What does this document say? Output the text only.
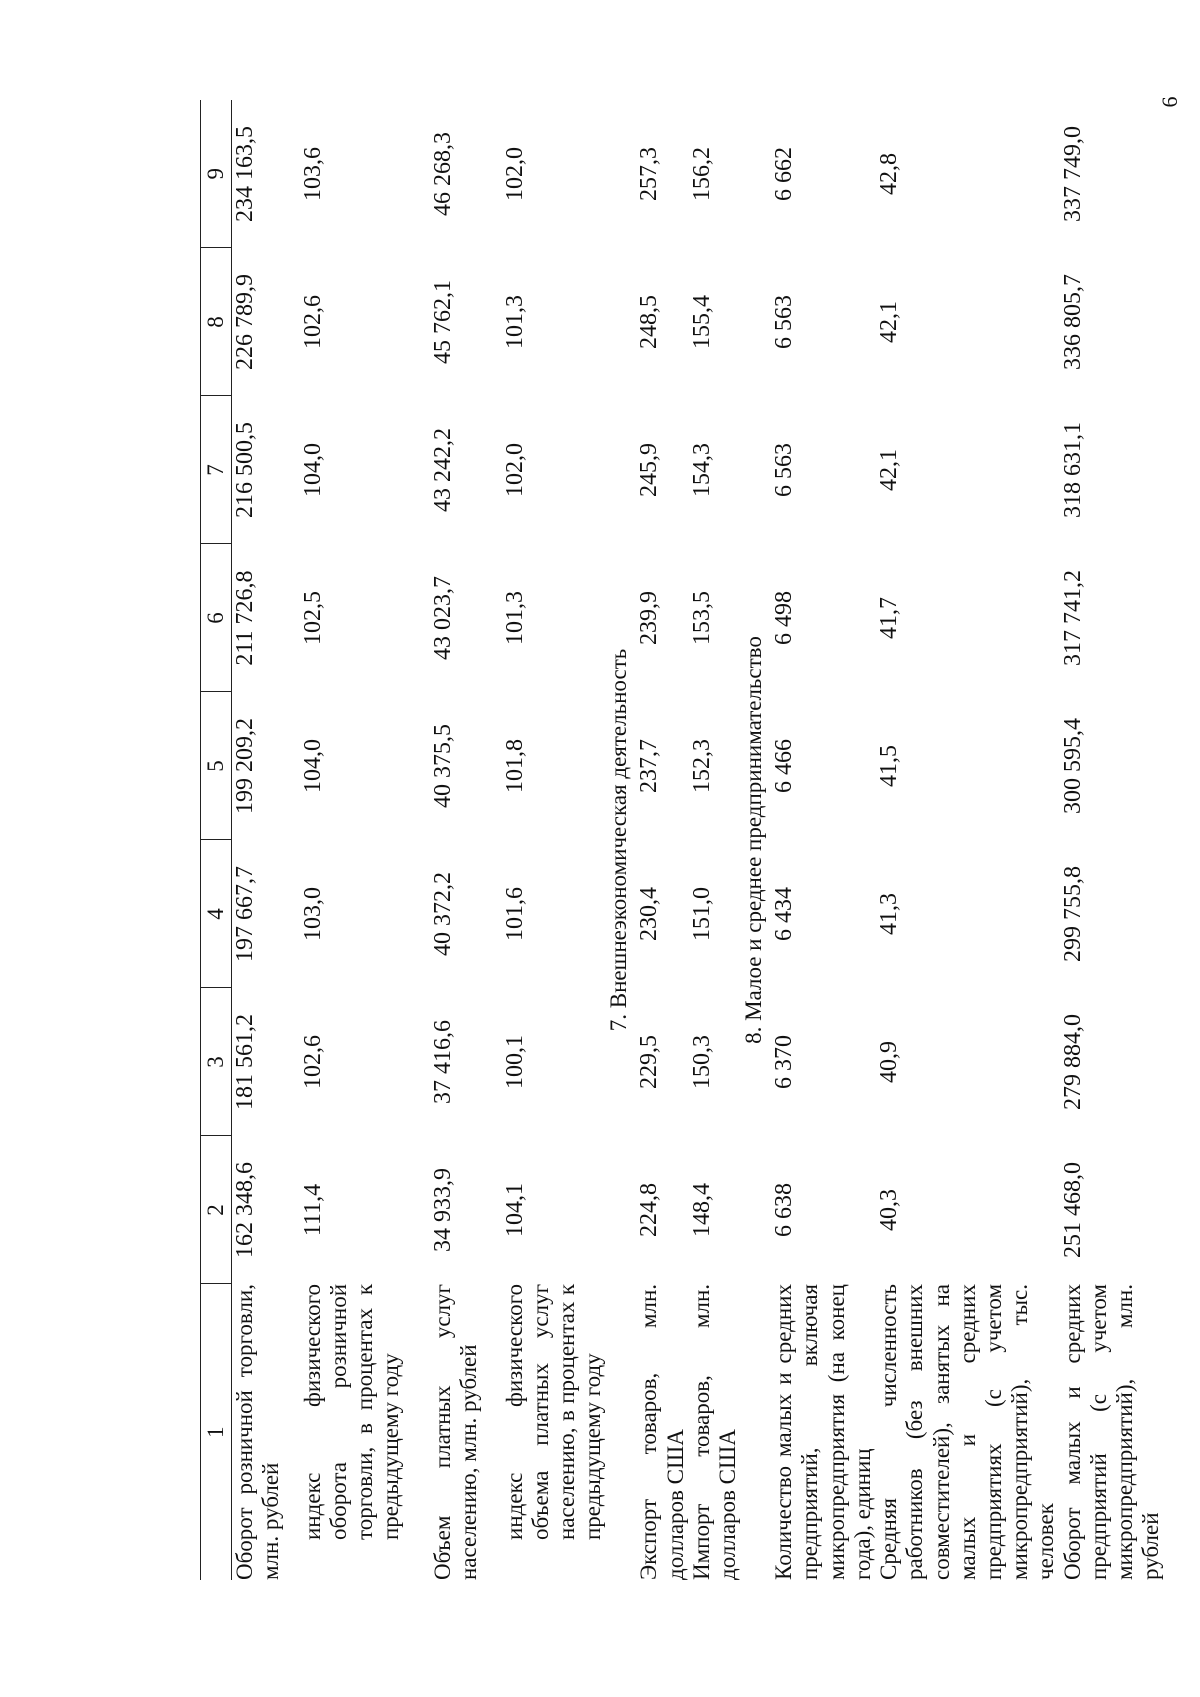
6
1	2	3	4	5	6	7	8	9
Оборот розничной торговли, млн. рублей	162 348,6	181 561,2	197 667,7	199 209,2	211 726,8	216 500,5	226 789,9	234 163,5
индекс физического оборота розничной торговли, в процентах к предыдущему году	111,4	102,6	103,0	104,0	102,5	104,0	102,6	103,6
Объем платных услуг населению, млн. рублей	34 933,9	37 416,6	40 372,2	40 375,5	43 023,7	43 242,2	45 762,1	46 268,3
индекс физического объема платных услуг населению, в процентах к предыдущему году	104,1	100,1	101,6	101,8	101,3	102,0	101,3	102,0
7. Внешнеэкономическая деятельность								
Экспорт товаров, млн. долларов США	224,8	229,5	230,4	237,7	239,9	245,9	248,5	257,3
Импорт товаров, млн. долларов США	148,4	150,3	151,0	152,3	153,5	154,3	155,4	156,2
8. Малое и среднее предпринимательство								
Количество малых и средних предприятий, включая микропредприятия (на конец года), единиц	6 638	6 370	6 434	6 466	6 498	6 563	6 563	6 662
Средняя численность работников (без внешних совместителей), занятых на малых и средних предприятиях (с учетом микропредприятий), тыс. человек	40,3	40,9	41,3	41,5	41,7	42,1	42,1	42,8
Оборот малых и средних предприятий (с учетом микропредприятий), млн. рублей	251 468,0	279 884,0	299 755,8	300 595,4	317 741,2	318 631,1	336 805,7	337 749,0
